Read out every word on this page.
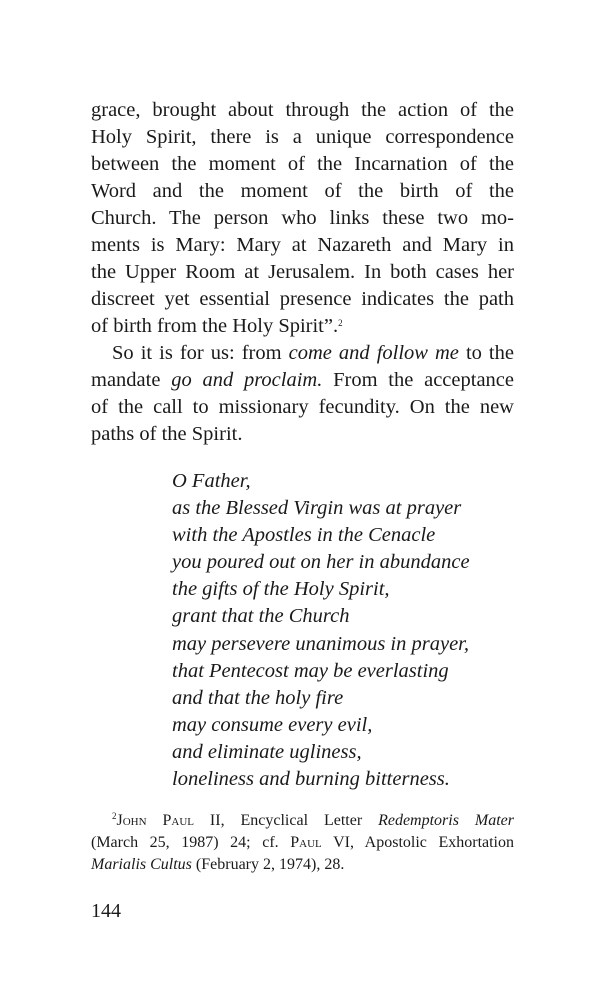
grace, brought about through the action of the
Holy Spirit, there is a unique correspondence
between the moment of the Incarnation of the
Word and the moment of the birth of the
Church. The person who links these two mo-
ments is Mary: Mary at Nazareth and Mary in
the Upper Room at Jerusalem. In both cases her
discreet yet essential presence indicates the path
of birth from the Holy Spirit”.$^2$
So it is for us: from come and follow me to the
mandate go and proclaim. From the acceptance
of the call to missionary fecundity. On the new
paths of the Spirit.
O Father,
as the Blessed Virgin was at prayer
with the Apostles in the Cenacle
you poured out on her in abundance
the gifts of the Holy Spirit,
grant that the Church
may persevere unanimous in prayer,
that Pentecost may be everlasting
and that the holy fire
may consume every evil,
and eliminate ugliness,
loneliness and burning bitterness.
$^2$John Paul II, Encyclical Letter Redemptoris Mater
(March 25, 1987) 24; cf. Paul VI, Apostolic Exhortation
Marialis Cultus (February 2, 1974), 28.
144
